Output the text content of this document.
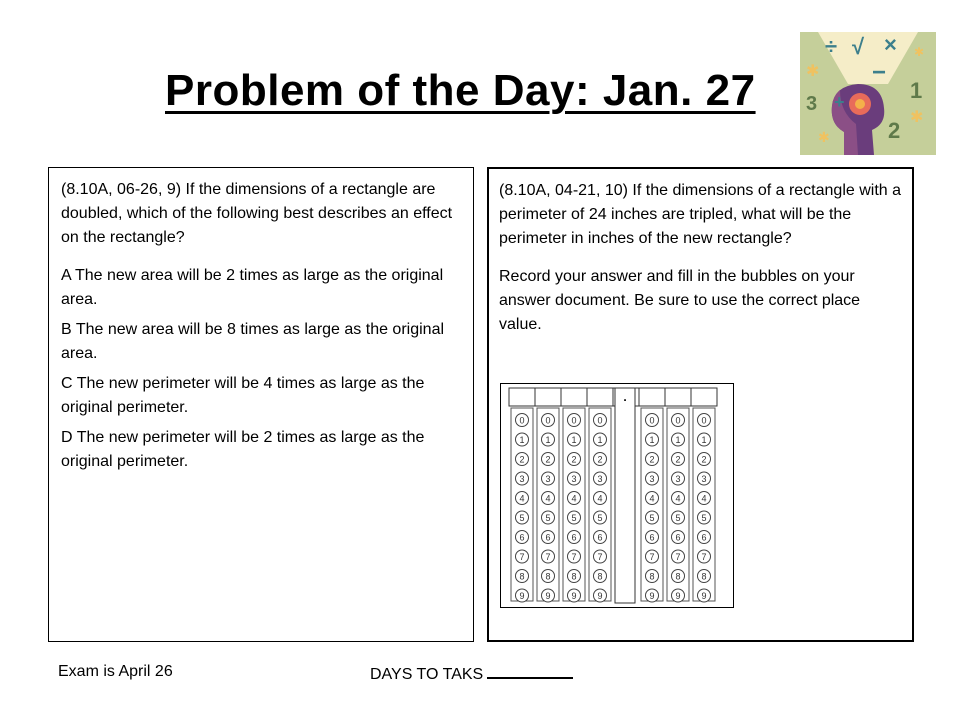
Problem of the Day: Jan. 27	+
÷ √ ×
−
1
2
3
✱
✱
✱
✱

(8.10A, 06-26, 9) If the dimensions of a rectangle are doubled, which of the following best describes an effect on the rectangle?

A The new area will be 2 times as large as the original area.

B The new area will be 8 times as large as the original area.

C The new perimeter will be 4 times as large as the original perimeter.

D The new perimeter will be 2 times as large as the original perimeter.

(8.10A, 04-21, 10) If the dimensions of a rectangle with a perimeter of 24 inches are tripled, what will be the perimeter in inches of the new rectangle?

Record your answer and fill in the bubbles on your answer document. Be sure to use the correct place value.

0
1
2
3
4
5
6
7
8
9
0
1
2
3
4
5
6
7
8
9
0
1
2
3
4
5
6
7
8
9
0
1
2
3
4
5
6
7
8
9
0
1
2
3
4
5
6
7
8
9
0
1
2
3
4
5
6
7
8
9
0
1
2
3
4
5
6
7
8
9
.
Exam is April 26	DAYS TO TAKS
